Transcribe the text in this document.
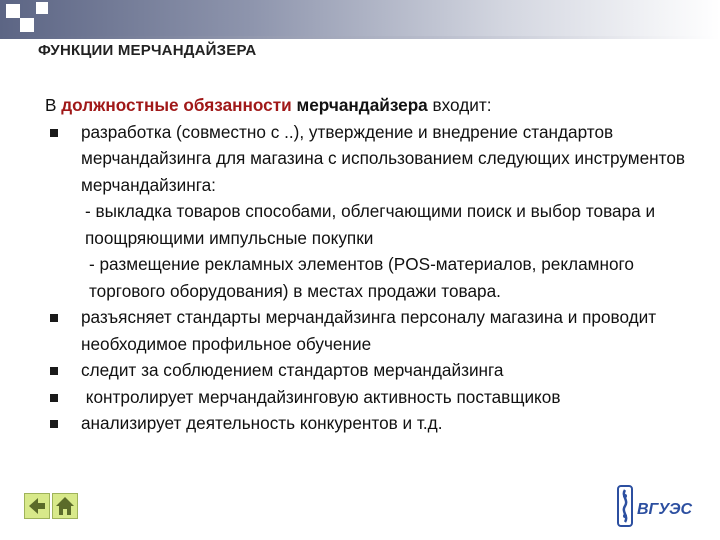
ФУНКЦИИ МЕРЧАНДАЙЗЕРА

В должностные обязанности мерчандайзера входит:

разработка (совместно с ..), утверждение и внедрение стандартов мерчандайзинга для магазина с использованием следующих инструментов мерчандайзинга:
- выкладка товаров способами, облегчающими поиск и выбор товара и поощряющими импульсные покупки
- размещение рекламных элементов (POS-материалов, рекламного торгового оборудования) в местах продажи товара.
разъясняет стандарты мерчандайзинга персоналу магазина и проводит необходимое профильное обучение
следит за соблюдением стандартов мерчандайзинга
контролирует мерчандайзинговую активность поставщиков
анализирует деятельность конкурентов и т.д.
ВГУЭС
